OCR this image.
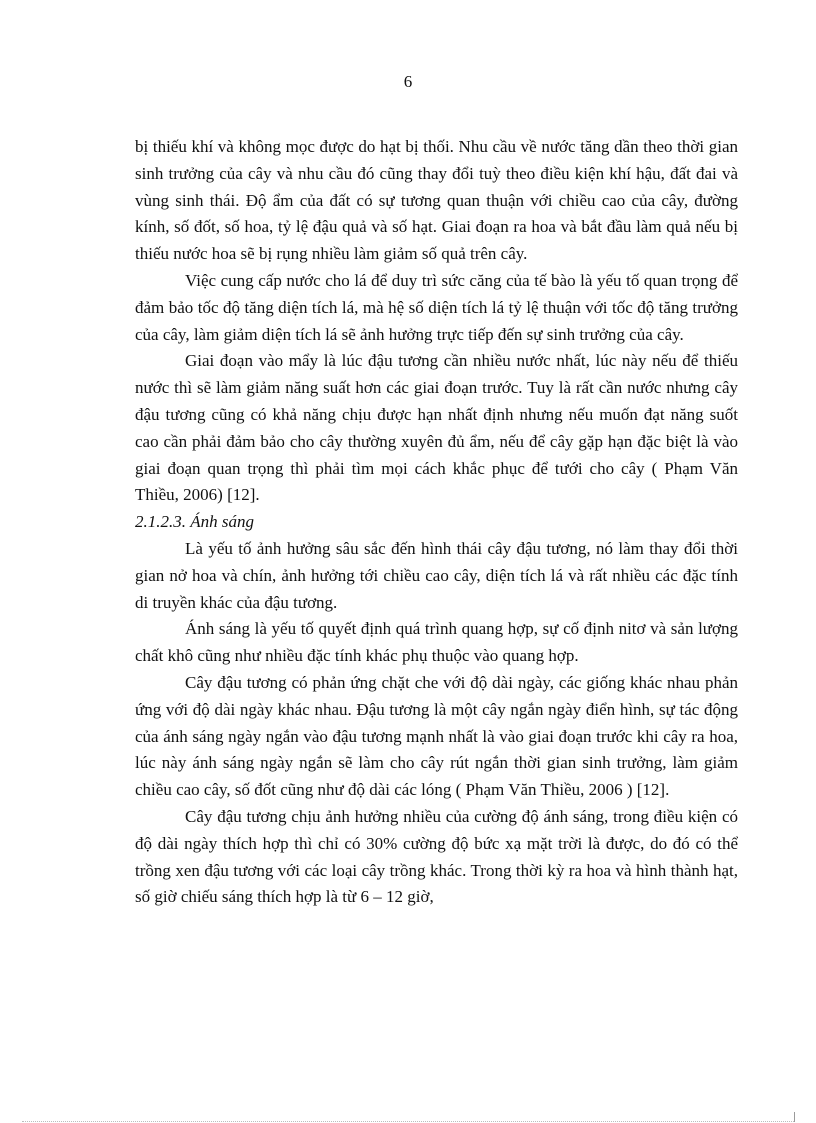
6

bị thiếu khí và không mọc được do hạt bị thối. Nhu cầu về nước tăng dần theo thời gian sinh trưởng của cây và nhu cầu đó cũng thay đổi tuỳ theo điều kiện khí hậu, đất đai và vùng sinh thái. Độ ẩm của đất có sự tương quan thuận với chiều cao của cây, đường kính, số đốt, số hoa, tỷ lệ đậu quả và số hạt. Giai đoạn ra hoa và bắt đầu làm quả nếu bị thiếu nước hoa sẽ bị rụng nhiều làm giảm số quả trên cây.

Việc cung cấp nước cho lá để duy trì sức căng của tế bào là yếu tố quan trọng để đảm bảo tốc độ tăng diện tích lá, mà hệ số diện tích lá tỷ lệ thuận với tốc độ tăng trưởng của cây, làm giảm diện tích lá sẽ ảnh hưởng trực tiếp đến sự sinh trưởng của cây.

Giai đoạn vào mẩy là lúc đậu tương cần nhiều nước nhất, lúc này nếu để thiếu nước thì sẽ làm giảm năng suất hơn các giai đoạn trước. Tuy là rất cần nước nhưng cây đậu tương cũng có khả năng chịu được hạn nhất định nhưng nếu muốn đạt năng suốt cao cần phải đảm bảo cho cây thường xuyên đủ ẩm, nếu để cây gặp hạn đặc biệt là vào giai đoạn quan trọng thì phải tìm mọi cách khắc phục để tưới cho cây ( Phạm Văn Thiều, 2006) [12].

2.1.2.3. Ánh sáng

Là yếu tố ảnh hưởng sâu sắc đến hình thái cây đậu tương, nó làm thay đổi thời gian nở hoa và chín, ảnh hưởng tới chiều cao cây, diện tích lá và rất nhiều các đặc tính di truyền khác của đậu tương.

Ánh sáng là yếu tố quyết định quá trình quang hợp, sự cố định nitơ và sản lượng chất khô cũng như nhiều đặc tính khác phụ thuộc vào quang hợp.

Cây đậu tương có phản ứng chặt che với độ dài ngày, các giống khác nhau phản ứng với độ dài ngày khác nhau. Đậu tương là một cây ngắn ngày điển hình, sự tác động của ánh sáng ngày ngắn vào đậu tương mạnh nhất là vào giai đoạn trước khi cây ra hoa, lúc này ánh sáng ngày ngắn sẽ làm cho cây rút ngắn thời gian sinh trưởng, làm giảm chiều cao cây, số đốt cũng như độ dài các lóng ( Phạm Văn Thiều, 2006 ) [12].

Cây đậu tương chịu ảnh hưởng nhiều của cường độ ánh sáng, trong điều kiện có độ dài ngày thích hợp thì chỉ có 30% cường độ bức xạ mặt trời là được, do đó có thể trồng xen đậu tương với các loại cây trồng khác. Trong thời kỳ ra hoa và hình thành hạt, số giờ chiếu sáng thích hợp là từ 6 – 12 giờ,
